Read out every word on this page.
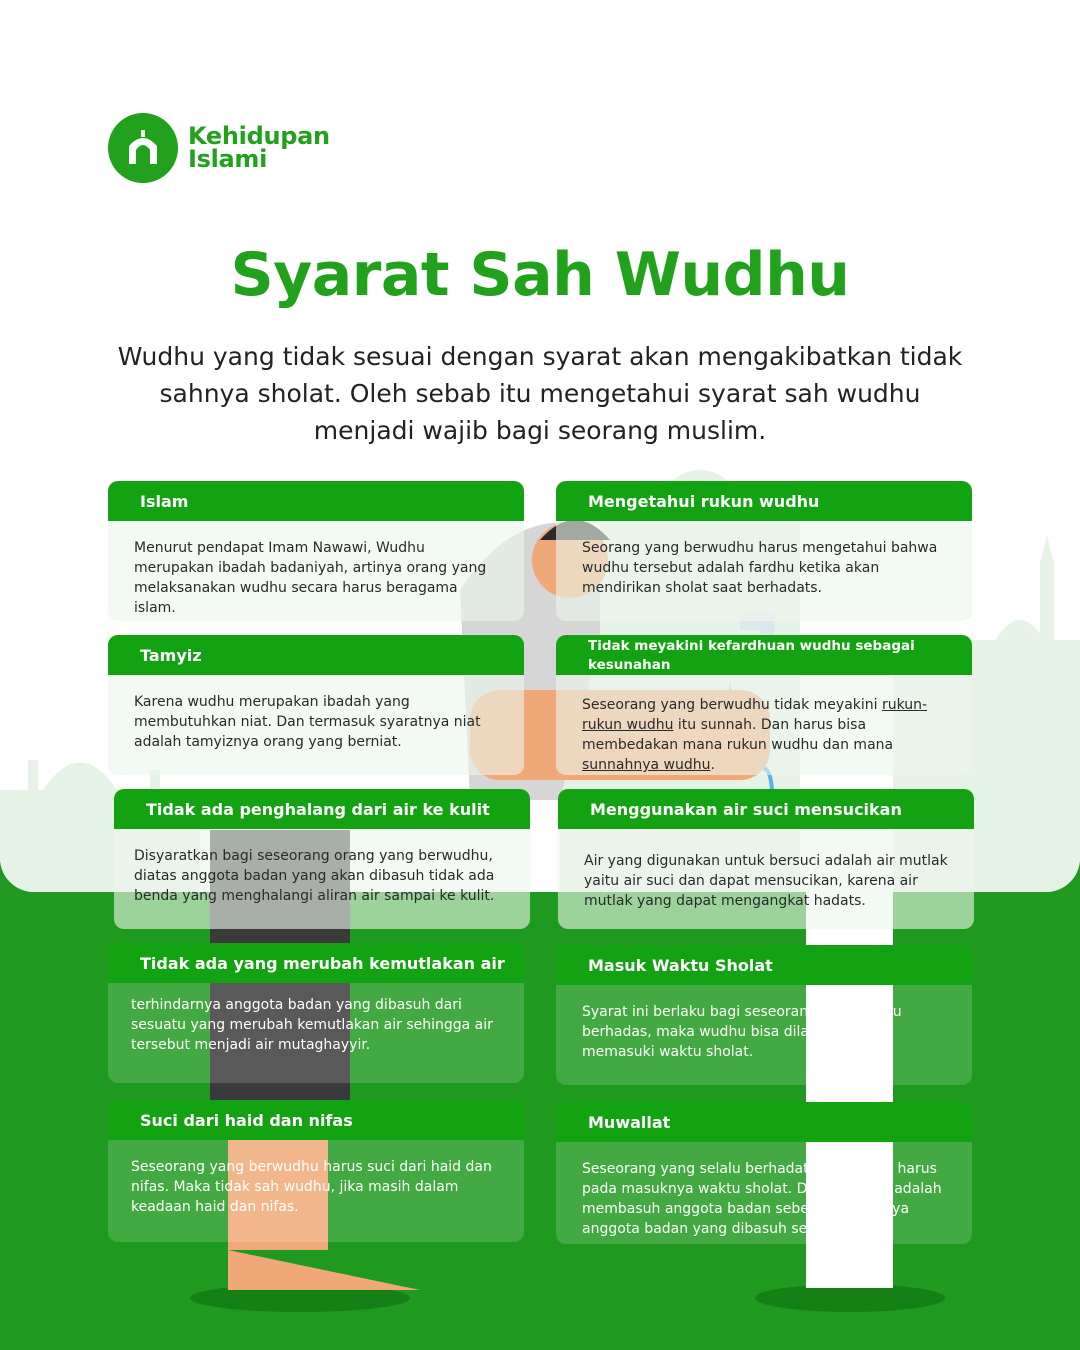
Kehidupan
Islami
Syarat Sah Wudhu
Wudhu yang tidak sesuai dengan syarat akan mengakibatkan tidak sahnya sholat. Oleh sebab itu mengetahui syarat sah wudhu menjadi wajib bagi seorang muslim.
Islam
Menurut pendapat Imam Nawawi, Wudhu merupakan ibadah badaniyah, artinya orang yang melaksanakan wudhu secara harus beragama islam.
Mengetahui rukun wudhu
Seorang yang berwudhu harus mengetahui bahwa wudhu tersebut adalah fardhu ketika akan mendirikan sholat saat berhadats.
Tamyiz
Karena wudhu merupakan ibadah yang membutuhkan niat. Dan termasuk syaratnya niat adalah tamyiznya orang yang berniat.
Tidak meyakini kefardhuan wudhu sebagai kesunahan
Seseorang yang berwudhu tidak meyakini rukun-rukun wudhu itu sunnah. Dan harus bisa membedakan mana rukun wudhu dan mana sunnahnya wudhu.
Tidak ada penghalang dari air ke kulit
Disyaratkan bagi seseorang orang yang berwudhu, diatas anggota badan yang akan dibasuh tidak ada benda yang menghalangi aliran air sampai ke kulit.
Menggunakan air suci mensucikan
Air yang digunakan untuk bersuci adalah air mutlak yaitu air suci dan dapat mensucikan, karena air mutlak yang dapat mengangkat hadats.
Tidak ada yang merubah kemutlakan air
terhindarnya anggota badan yang dibasuh dari sesuatu yang merubah kemutlakan air sehingga air tersebut menjadi air mutaghayyir.
Masuk Waktu Sholat
Syarat ini berlaku bagi seseorang yang selalu berhadas, maka wudhu bisa dilakukan saat memasuki waktu sholat.
Suci dari haid dan nifas
Seseorang yang berwudhu harus suci dari haid dan nifas. Maka tidak sah wudhu, jika masih dalam keadaan haid dan nifas.
Muwallat
Seseorang yang selalu berhadats wudhunya harus pada masuknya waktu sholat. Dan muwalat adalah membasuh anggota badan sebelum keringnya anggota badan yang dibasuh sebelumnya.
